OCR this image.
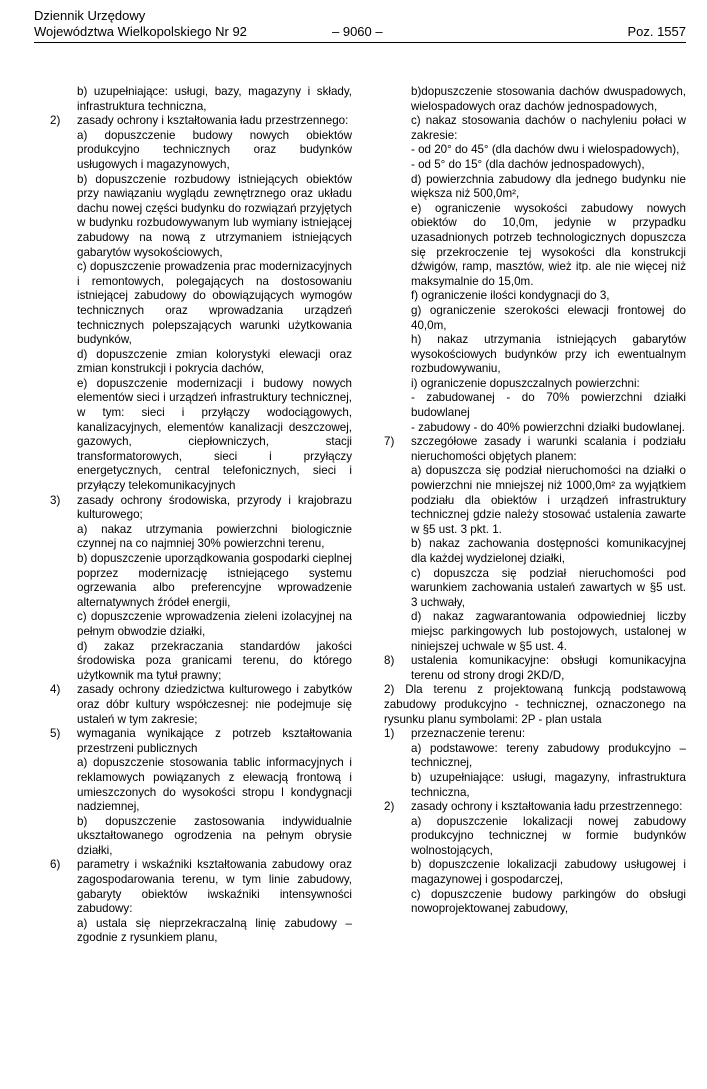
Dziennik Urzędowy
Województwa Wielkopolskiego Nr 92	– 9060 –	Poz. 1557

b) uzupełniające: usługi, bazy, magazyny i składy, infrastruktura techniczna,

2) zasady ochrony i kształtowania ładu przestrzennego:

a) dopuszczenie budowy nowych obiektów produkcyjno technicznych oraz budynków usługowych i magazynowych,

b) dopuszczenie rozbudowy istniejących obiektów przy nawiązaniu wyglądu zewnętrznego oraz układu dachu nowej części budynku do rozwiązań przyjętych w budynku rozbudowywanym lub wymiany istniejącej zabudowy na nową z utrzymaniem istniejących gabarytów wysokościowych,

c) dopuszczenie prowadzenia prac modernizacyjnych i remontowych, polegających na dostosowaniu istniejącej zabudowy do obowiązujących wymogów technicznych oraz wprowadzania urządzeń technicznych polepszających warunki użytkowania budynków,

d) dopuszczenie zmian kolorystyki elewacji oraz zmian konstrukcji i pokrycia dachów,

e) dopuszczenie modernizacji i budowy nowych elementów sieci i urządzeń infrastruktury technicznej, w tym: sieci i przyłączy wodociągowych, kanalizacyjnych, elementów kanalizacji deszczowej, gazowych, ciepłowniczych, stacji transformatorowych, sieci i przyłączy energetycznych, central telefonicznych, sieci i przyłączy telekomunikacyjnych

3) zasady ochrony środowiska, przyrody i krajobrazu kulturowego;

a) nakaz utrzymania powierzchni biologicznie czynnej na co najmniej 30% powierzchni terenu,

b) dopuszczenie uporządkowania gospodarki cieplnej poprzez modernizację istniejącego systemu ogrzewania albo preferencyjne wprowadzenie alternatywnych źródeł energii,

c) dopuszczenie wprowadzenia zieleni izolacyjnej na pełnym obwodzie działki,

d) zakaz przekraczania standardów jakości środowiska poza granicami terenu, do którego użytkownik ma tytuł prawny;

4) zasady ochrony dziedzictwa kulturowego i zabytków oraz dóbr kultury współczesnej: nie podejmuje się ustaleń w tym zakresie;

5) wymagania wynikające z potrzeb kształtowania przestrzeni publicznych

a) dopuszczenie stosowania tablic informacyjnych i reklamowych powiązanych z elewacją frontową i umieszczonych do wysokości stropu I kondygnacji nadziemnej,

b) dopuszczenie zastosowania indywidualnie ukształtowanego ogrodzenia na pełnym obrysie działki,

6) parametry i wskaźniki kształtowania zabudowy oraz zagospodarowania terenu, w tym linie zabudowy, gabaryty obiektów iwskaźniki intensywności zabudowy:

a) ustala się nieprzekraczalną linię zabudowy – zgodnie z rysunkiem planu,

b)dopuszczenie stosowania dachów dwuspadowych, wielospadowych oraz dachów jednospadowych,

c) nakaz stosowania dachów o nachyleniu połaci w zakresie:

- od 20° do 45° (dla dachów dwu i wielospadowych),

- od 5° do 15° (dla dachów jednospadowych),

d) powierzchnia zabudowy dla jednego budynku nie większa niż 500,0m²,

e) ograniczenie wysokości zabudowy nowych obiektów do 10,0m, jedynie w przypadku uzasadnionych potrzeb technologicznych dopuszcza się przekroczenie tej wysokości dla konstrukcji dźwigów, ramp, masztów, wież itp. ale nie więcej niż maksymalnie do 15,0m.

f) ograniczenie ilości kondygnacji do 3,

g) ograniczenie szerokości elewacji frontowej do 40,0m,

h) nakaz utrzymania istniejących gabarytów wysokościowych budynków przy ich ewentualnym rozbudowywaniu,

i) ograniczenie dopuszczalnych powierzchni:

- zabudowanej - do 70% powierzchni działki budowlanej

- zabudowy - do 40% powierzchni działki budowlanej.

7) szczegółowe zasady i warunki scalania i podziału nieruchomości objętych planem:

a) dopuszcza się podział nieruchomości na działki o powierzchni nie mniejszej niż 1000,0m² za wyjątkiem podziału dla obiektów i urządzeń infrastruktury technicznej gdzie należy stosować ustalenia zawarte w §5 ust. 3 pkt. 1.

b) nakaz zachowania dostępności komunikacyjnej dla każdej wydzielonej działki,

c) dopuszcza się podział nieruchomości pod warunkiem zachowania ustaleń zawartych w §5 ust. 3 uchwały,

d) nakaz zagwarantowania odpowiedniej liczby miejsc parkingowych lub postojowych, ustalonej w niniejszej uchwale w §5 ust. 4.

8) ustalenia komunikacyjne: obsługi komunikacyjna terenu od strony drogi 2KD/D,

2) Dla terenu z projektowaną funkcją podstawową zabudowy produkcyjno - technicznej, oznaczonego na rysunku planu symbolami: 2P - plan ustala

1) przeznaczenie terenu:

a) podstawowe: tereny zabudowy produkcyjno – technicznej,

b) uzupełniające: usługi, magazyny, infrastruktura techniczna,

2) zasady ochrony i kształtowania ładu przestrzennego:

a) dopuszczenie lokalizacji nowej zabudowy produkcyjno technicznej w formie budynków wolnostojących,

b) dopuszczenie lokalizacji zabudowy usługowej i magazynowej i gospodarczej,

c) dopuszczenie budowy parkingów do obsługi nowoprojektowanej zabudowy,
